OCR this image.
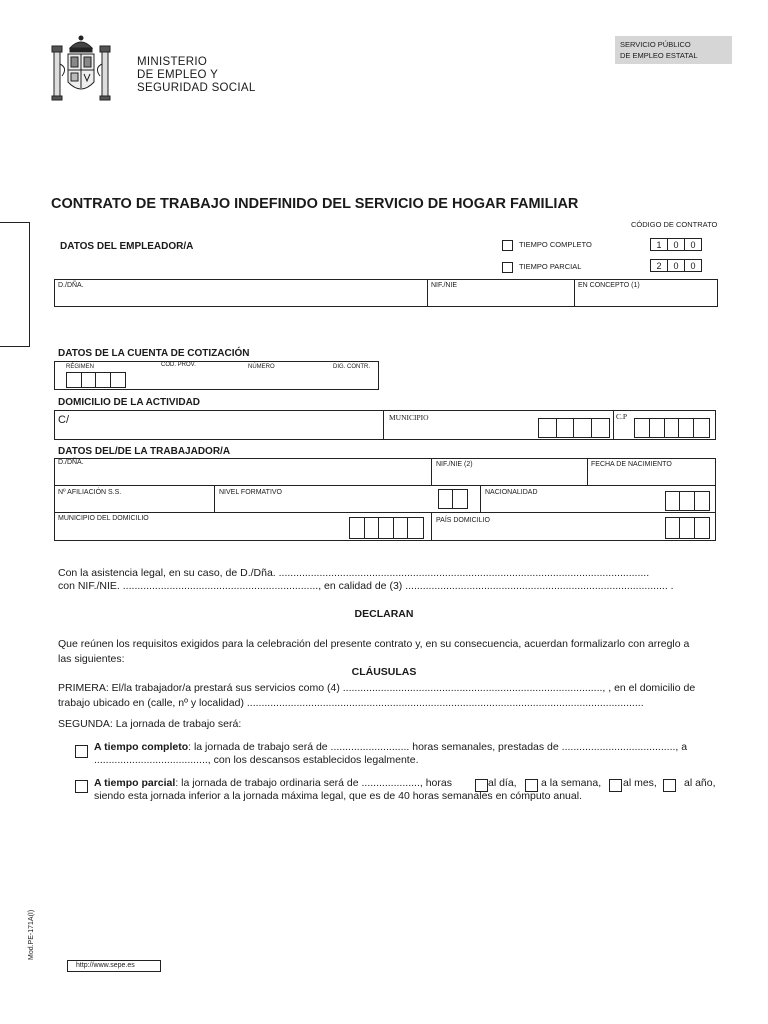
MINISTERIO
DE EMPLEO Y
SEGURIDAD SOCIAL
SERVICIO PÚBLICO
DE EMPLEO ESTATAL
CONTRATO DE TRABAJO INDEFINIDO DEL SERVICIO DE HOGAR FAMILIAR
CÓDIGO DE CONTRATO
TIEMPO COMPLETO	1	0	0
TIEMPO PARCIAL	2	0	0
DATOS DEL EMPLEADOR/A
D./DÑA.	NIF./NIE	EN CONCEPTO (1)
DATOS DE LA CUENTA DE COTIZACIÓN
RÉGIMEN	COD. PROV.	NÚMERO	DIG. CONTR.
DOMICILIO DE LA ACTIVIDAD
C/	MUNICIPIO	C.P
DATOS DEL/DE LA TRABAJADOR/A
D./DÑA.	NIF./NIE (2)	FECHA DE NACIMIENTO
Nº AFILIACIÓN S.S.	NIVEL FORMATIVO	NACIONALIDAD
MUNICIPIO DEL DOMICILIO	PAÍS DOMICILIO
Con la asistencia legal, en su caso, de D./Dña. ...............................................................................................................................
con NIF./NIE. ..................................................................., en calidad de (3) .......................................................................................... .
DECLARAN
Que reúnen los requisitos exigidos para la celebración del presente contrato y, en su consecuencia, acuerdan formalizarlo con arreglo a
las siguientes:
CLÁUSULAS
PRIMERA: El/la trabajador/a prestará sus servicios como (4) ........................................................................................., , en el domicilio de
trabajo ubicado en (calle, nº y localidad) ........................................................................................................................................
SEGUNDA: La jornada de trabajo será:
A tiempo completo: la jornada de trabajo será de ........................... horas semanales, prestadas de ......................................., a
......................................., con los descansos establecidos legalmente.
A tiempo parcial: la jornada de trabajo ordinaria será de ...................., horas	al día, a la semana, al mes,	al año,
siendo esta jornada inferior a la jornada máxima legal, que es de 40 horas semanales en cómputo anual.
Mod.PE-171A(I)
http://www.sepe.es
